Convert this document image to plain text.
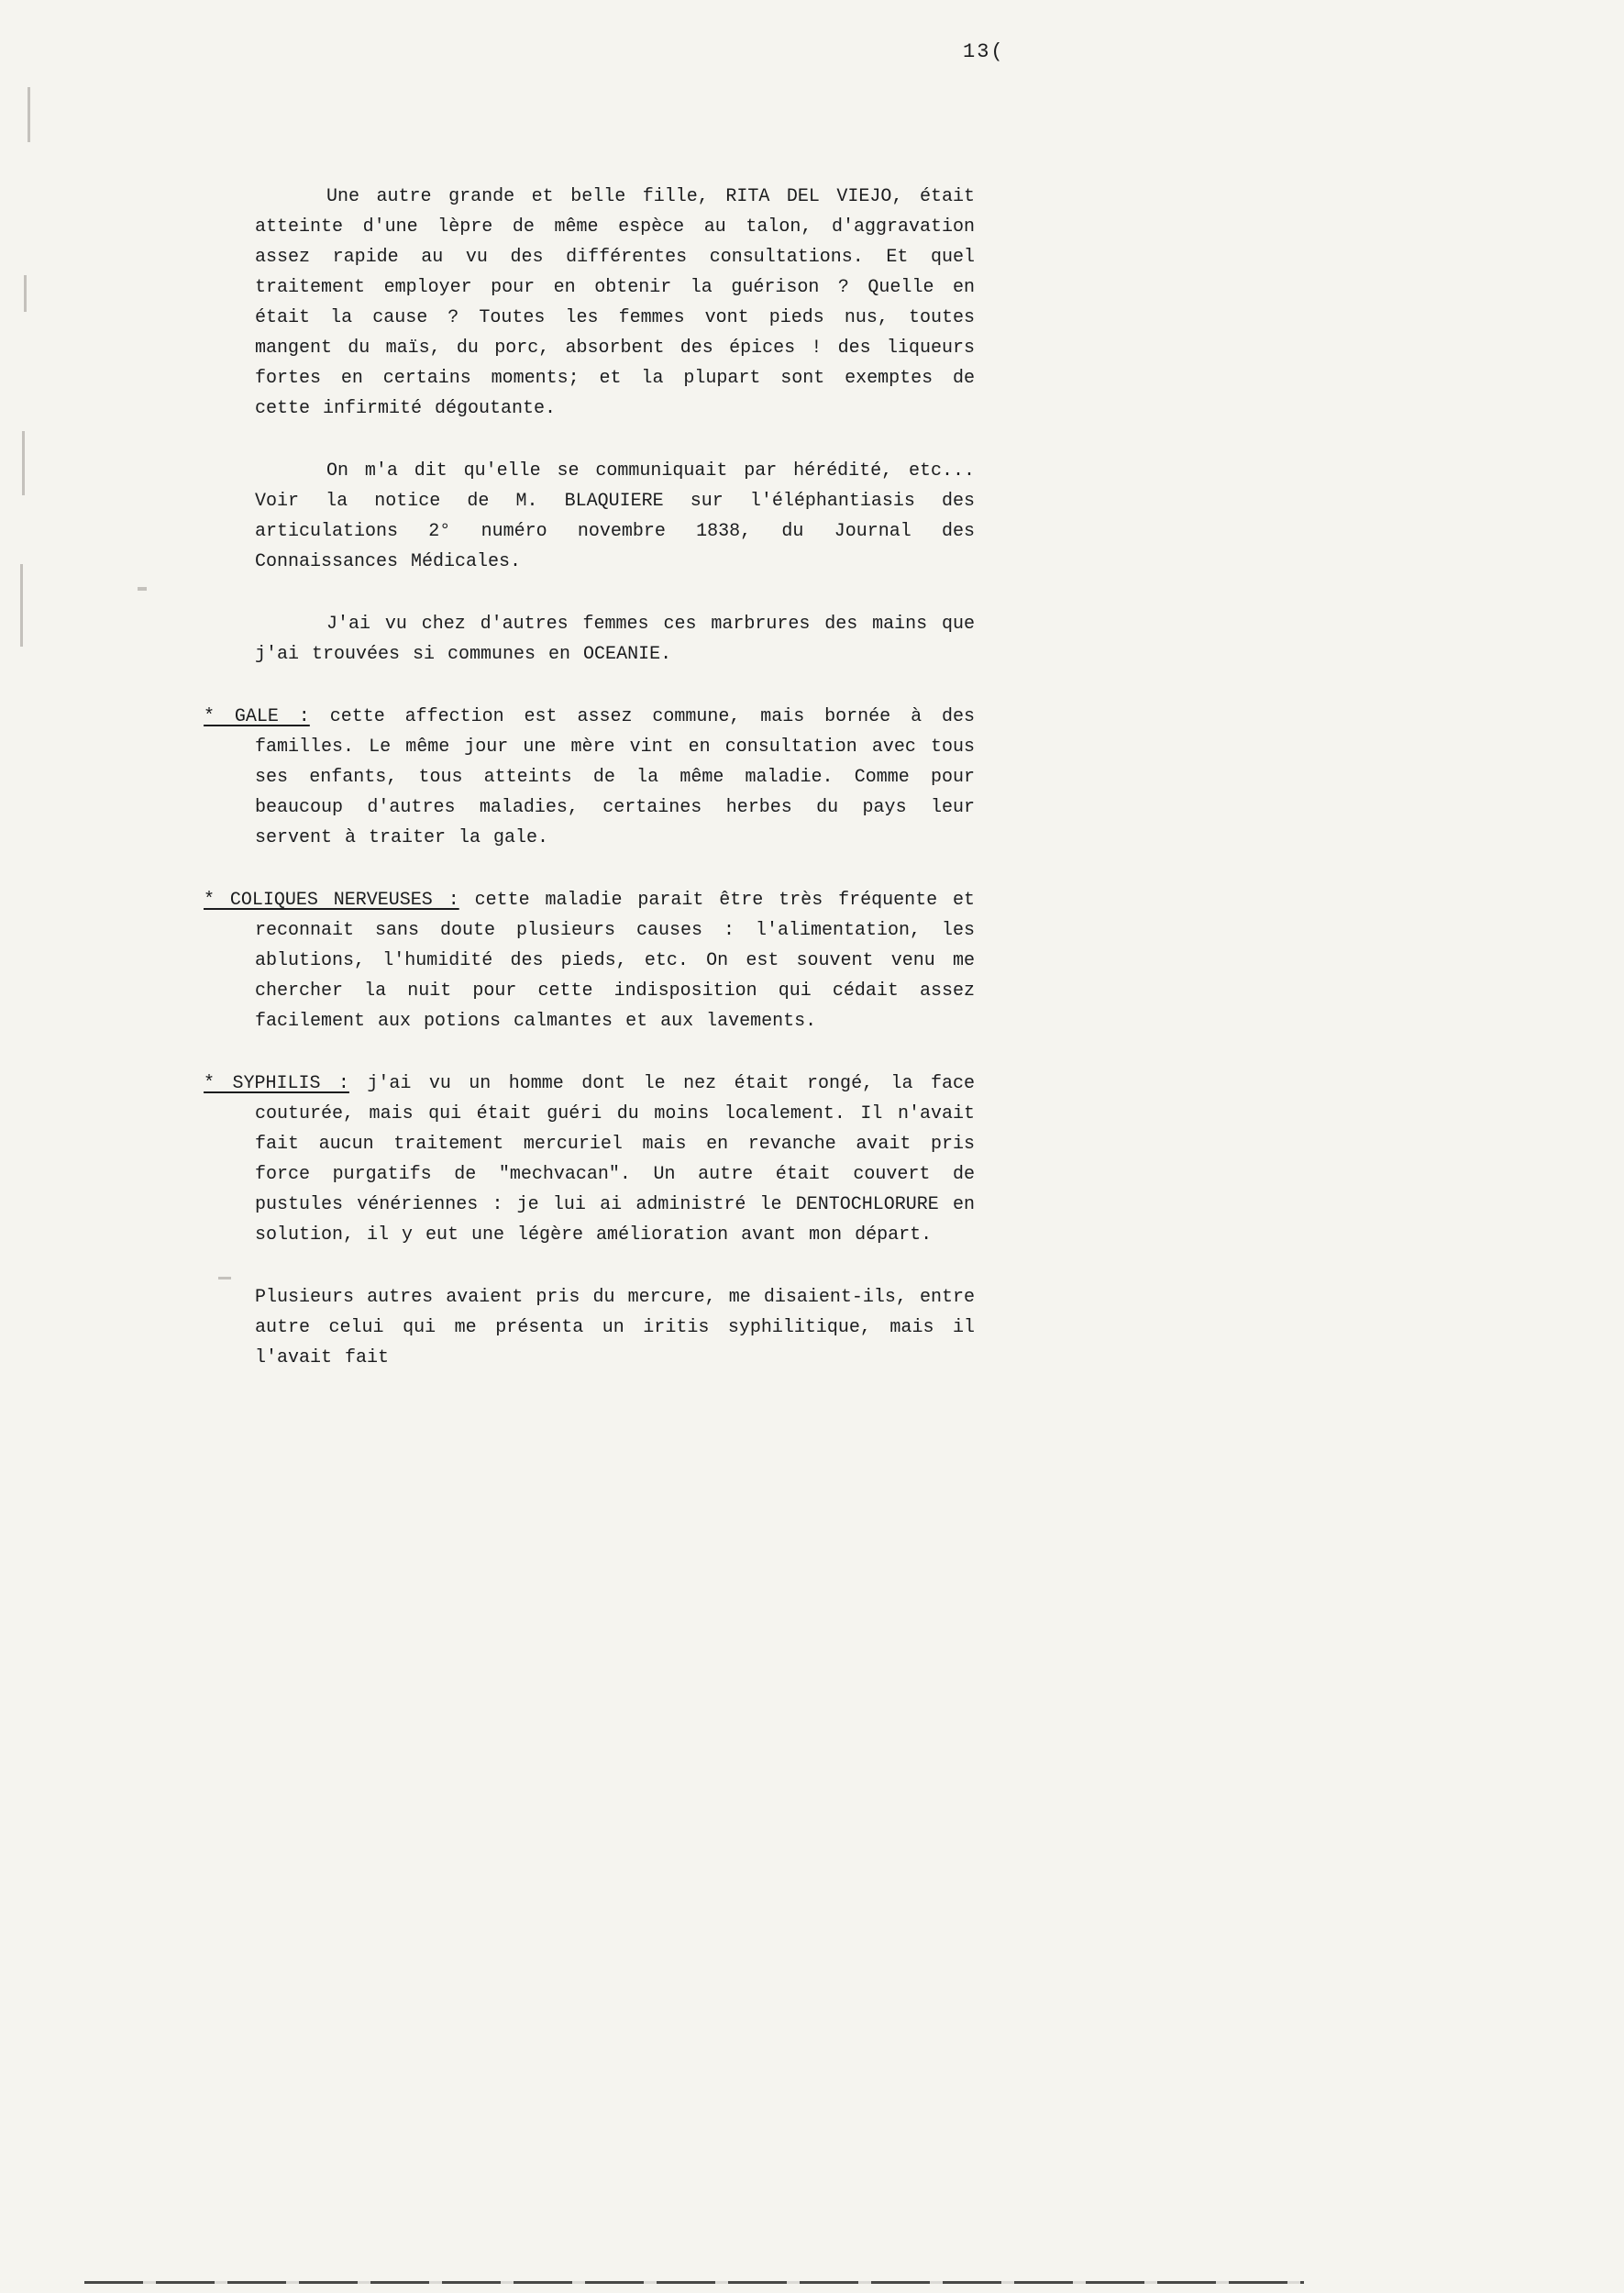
13(

Une autre grande et belle fille, RITA DEL VIEJO, était atteinte d'une lèpre de même espèce au talon, d'aggravation assez rapide au vu des différentes consultations. Et quel traitement employer pour en obtenir la guérison ? Quelle en était la cause ? Toutes les femmes vont pieds nus, toutes mangent du maïs, du porc, absorbent des épices ! des liqueurs fortes en certains moments; et la plupart sont exemptes de cette infirmité dégoutante.

On m'a dit qu'elle se communiquait par hérédité, etc... Voir la notice de M. BLAQUIERE sur l'éléphantiasis des articulations 2° numéro novembre 1838, du Journal des Connaissances Médicales.

J'ai vu chez d'autres femmes ces marbrures des mains que j'ai trouvées si communes en OCEANIE.

* GALE : cette affection est assez commune, mais bornée à des familles. Le même jour une mère vint en consultation avec tous ses enfants, tous atteints de la même maladie. Comme pour beaucoup d'autres maladies, certaines herbes du pays leur servent à traiter la gale.

* COLIQUES NERVEUSES : cette maladie parait être très fréquente et reconnait sans doute plusieurs causes : l'alimentation, les ablutions, l'humidité des pieds, etc. On est souvent venu me chercher la nuit pour cette indisposition qui cédait assez facilement aux potions calmantes et aux lavements.

* SYPHILIS : j'ai vu un homme dont le nez était rongé, la face couturée, mais qui était guéri du moins localement. Il n'avait fait aucun traitement mercuriel mais en revanche avait pris force purgatifs de "mechvacan". Un autre était couvert de pustules vénériennes : je lui ai administré le DENTOCHLORURE en solution, il y eut une légère amélioration avant mon départ.

Plusieurs autres avaient pris du mercure, me disaient-ils, entre autre celui qui me présenta un iritis syphilitique, mais il l'avait fait
